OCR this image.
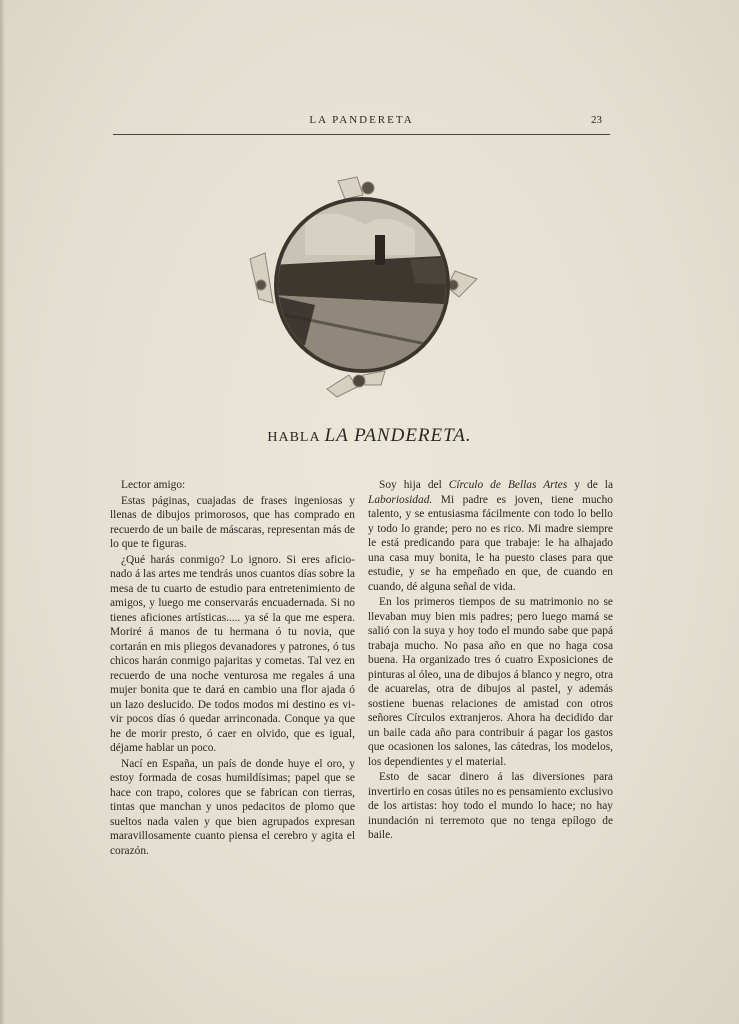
LA PANDERETA	23
HABLA LA PANDERETA.

Lector amigo:

Estas páginas, cuajadas de frases ingeniosas y llenas de dibujos primorosos, que has comprado en recuerdo de un baile de máscaras, representan más de lo que te figuras.

¿Qué harás conmigo? Lo ignoro. Si eres aficionado á las artes me tendrás unos cuantos días sobre la mesa de tu cuarto de estudio para entretenimiento de amigos, y luego me conservarás encuadernada. Si no tienes aficiones artísticas..... ya sé la que me espera. Moriré á manos de tu hermana ó tu novia, que cortarán en mis pliegos devanadores y patrones, ó tus chicos harán conmigo pajaritas y cometas. Tal vez en recuerdo de una noche venturosa me regales á una mujer bonita que te dará en cambio una flor ajada ó un lazo deslucido. De todos modos mi destino es vivir pocos días ó quedar arrinconada. Conque ya que he de morir presto, ó caer en olvido, que es igual, déjame hablar un poco.

Nací en España, un país de donde huye el oro, y estoy formada de cosas humildísimas; papel que se hace con trapo, colores que se fabrican con tierras, tintas que manchan y unos pedacitos de plomo que sueltos nada valen y que bien agrupados expresan maravillosamente cuanto piensa el cerebro y agita el corazón.

Soy hija del Círculo de Bellas Artes y de la Laboriosidad. Mi padre es joven, tiene mucho talento, y se entusiasma fácilmente con todo lo bello y todo lo grande; pero no es rico. Mi madre siempre le está predicando para que trabaje: le ha alhajado una casa muy bonita, le ha puesto clases para que estudie, y se ha empeñado en que, de cuando en cuando, dé alguna señal de vida.

En los primeros tiempos de su matrimonio no se llevaban muy bien mis padres; pero luego mamá se salió con la suya y hoy todo el mundo sabe que papá trabaja mucho. No pasa año en que no haga cosa buena. Ha organizado tres ó cuatro Exposiciones de pinturas al óleo, una de dibujos á blanco y negro, otra de acuarelas, otra de dibujos al pastel, y además sostiene buenas relaciones de amistad con otros señores Círculos extranjeros. Ahora ha decidido dar un baile cada año para contribuir á pagar los gastos que ocasionen los salones, las cátedras, los modelos, los dependientes y el material.

Esto de sacar dinero á las diversiones para invertirlo en cosas útiles no es pensamiento exclusivo de los artistas: hoy todo el mundo lo hace; no hay inundación ni terremoto que no tenga epílogo de baile.
